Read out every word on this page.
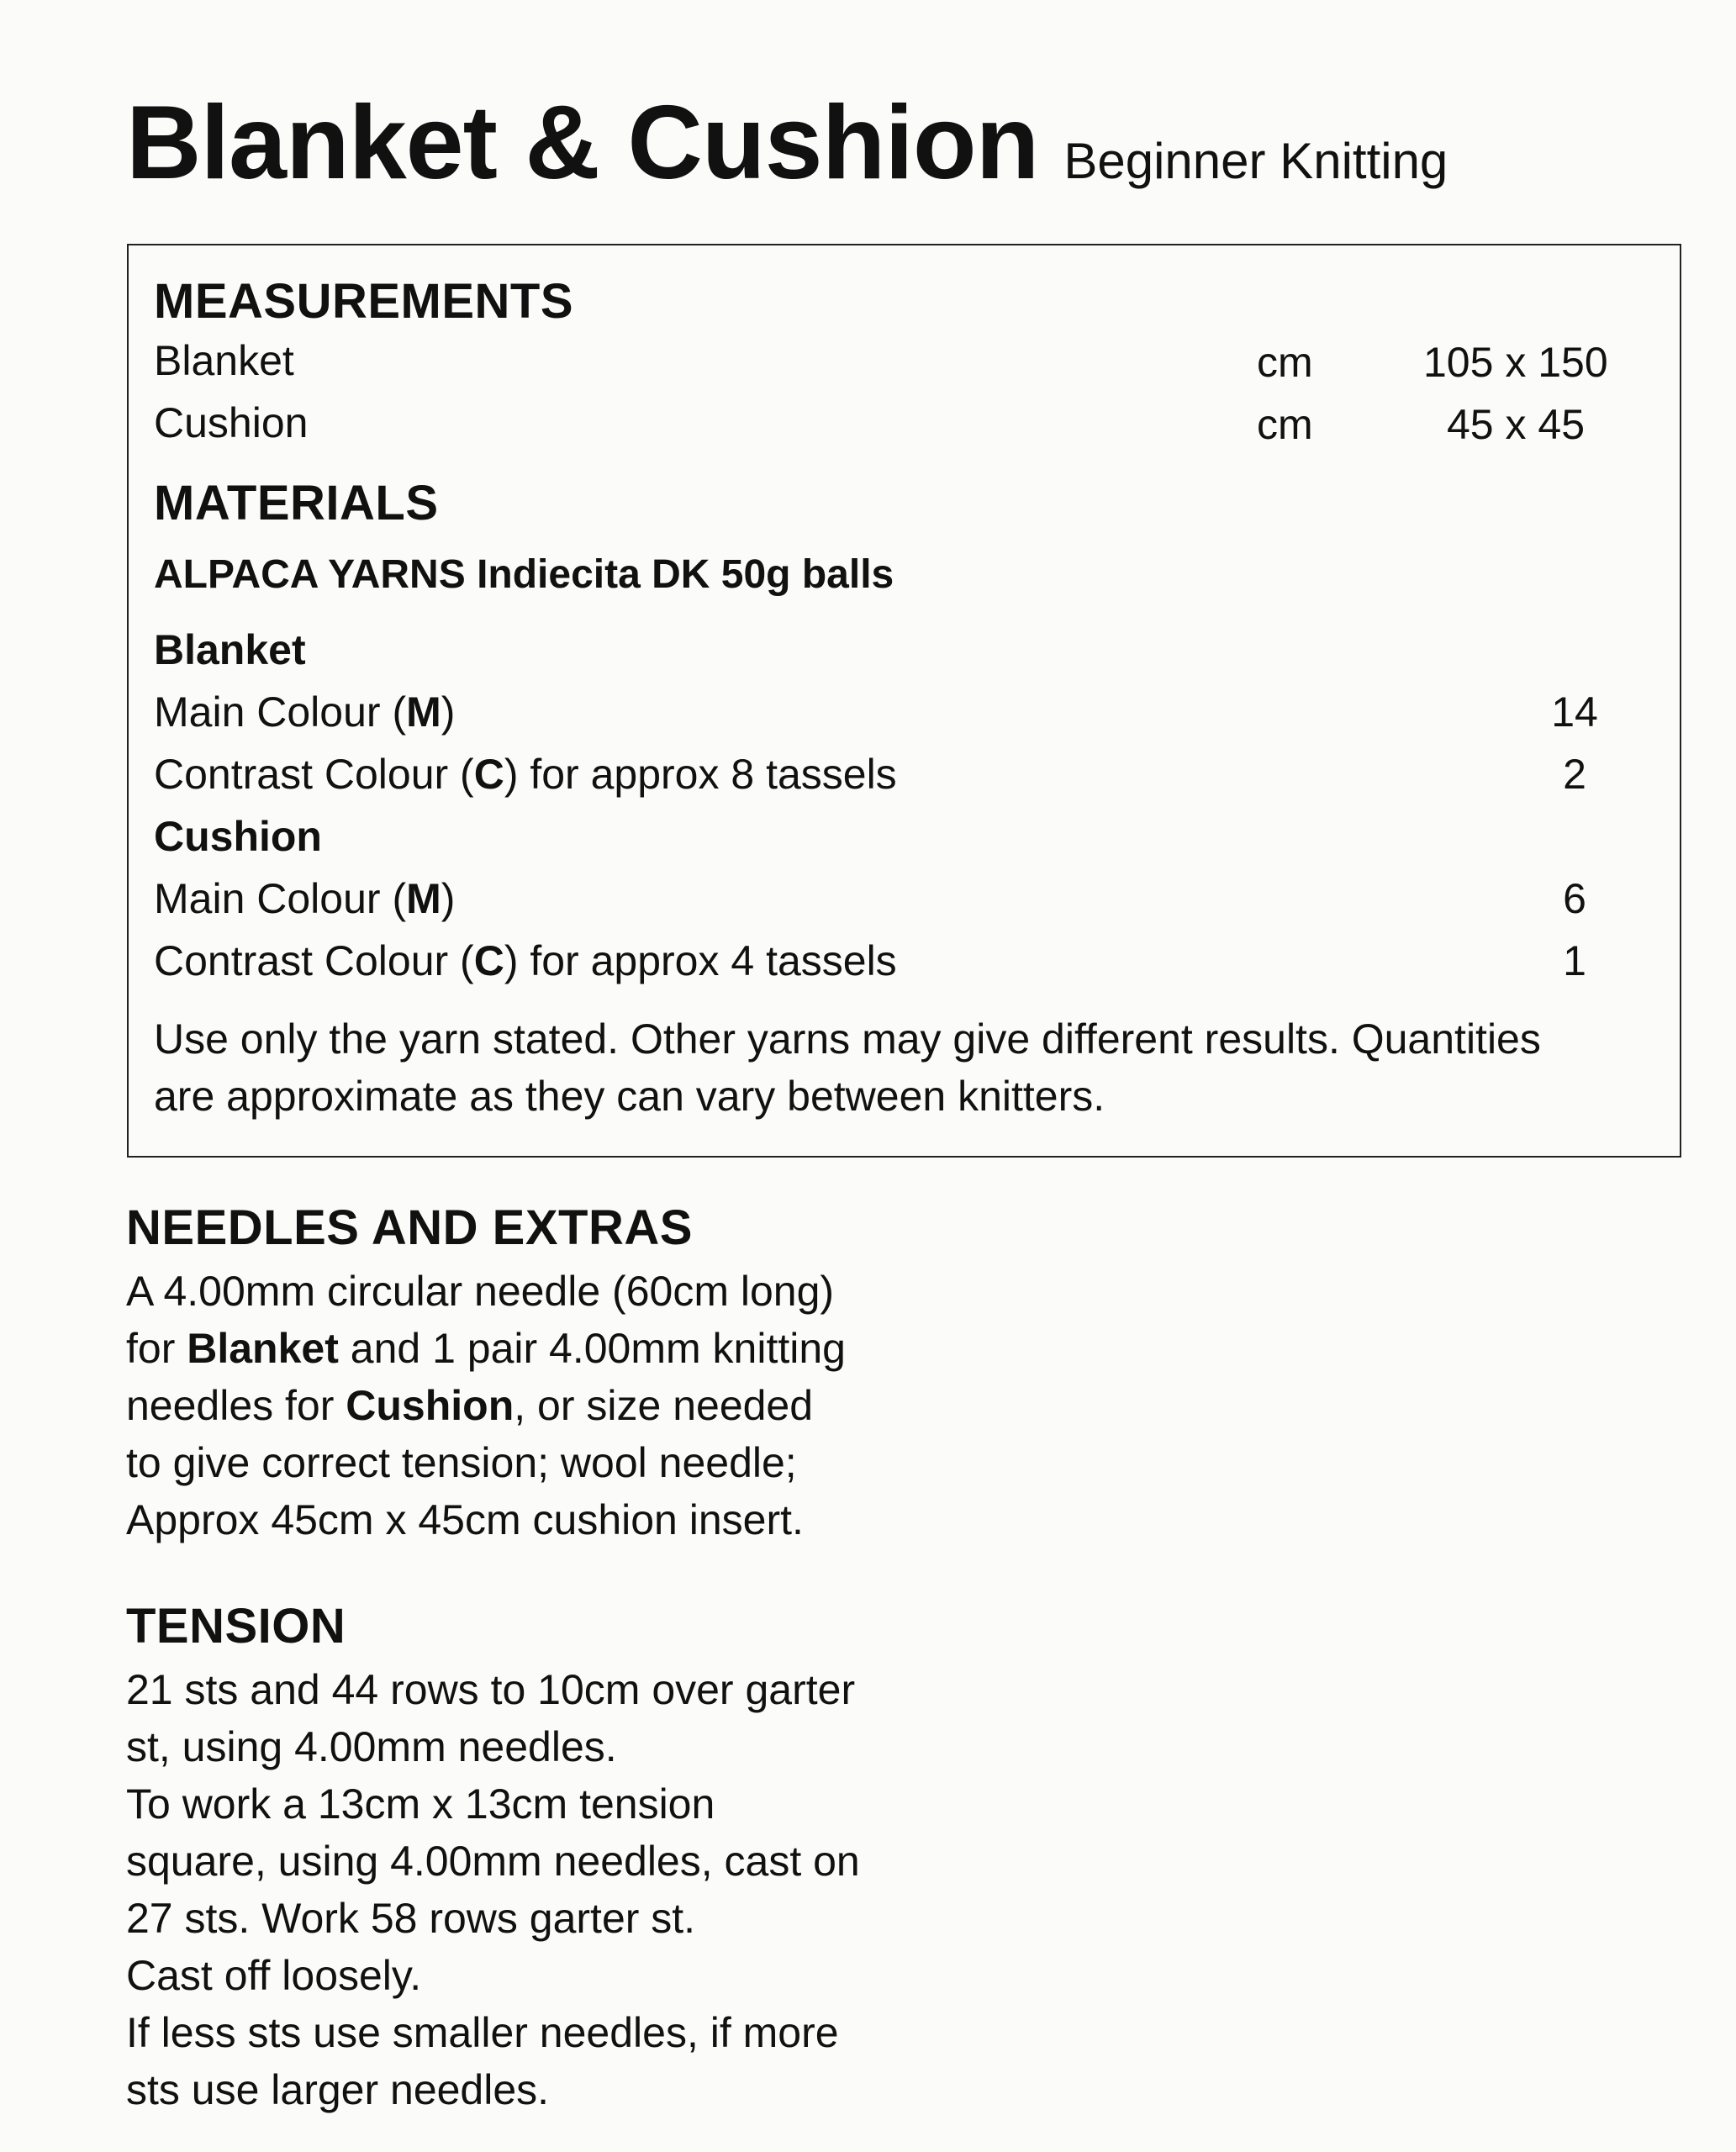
Blanket & Cushion Beginner Knitting
MEASUREMENTS
Blanket	cm	105 x 150
Cushion	cm	45 x 45
MATERIALS
ALPACA YARNS Indiecita DK 50g balls
Blanket
Main Colour (M)	14
Contrast Colour (C) for approx 8 tassels	2
Cushion
Main Colour (M)	6
Contrast Colour (C) for approx 4 tassels	1
Use only the yarn stated. Other yarns may give different results. Quantities
are approximate as they can vary between knitters.
NEEDLES AND EXTRAS
A 4.00mm circular needle (60cm long)
for Blanket and 1 pair 4.00mm knitting
needles for Cushion, or size needed
to give correct tension; wool needle;
Approx 45cm x 45cm cushion insert.
TENSION
21 sts and 44 rows to 10cm over garter
st, using 4.00mm needles.
To work a 13cm x 13cm tension
square, using 4.00mm needles, cast on
27 sts. Work 58 rows garter st.
Cast off loosely.
If less sts use smaller needles, if more
sts use larger needles.
